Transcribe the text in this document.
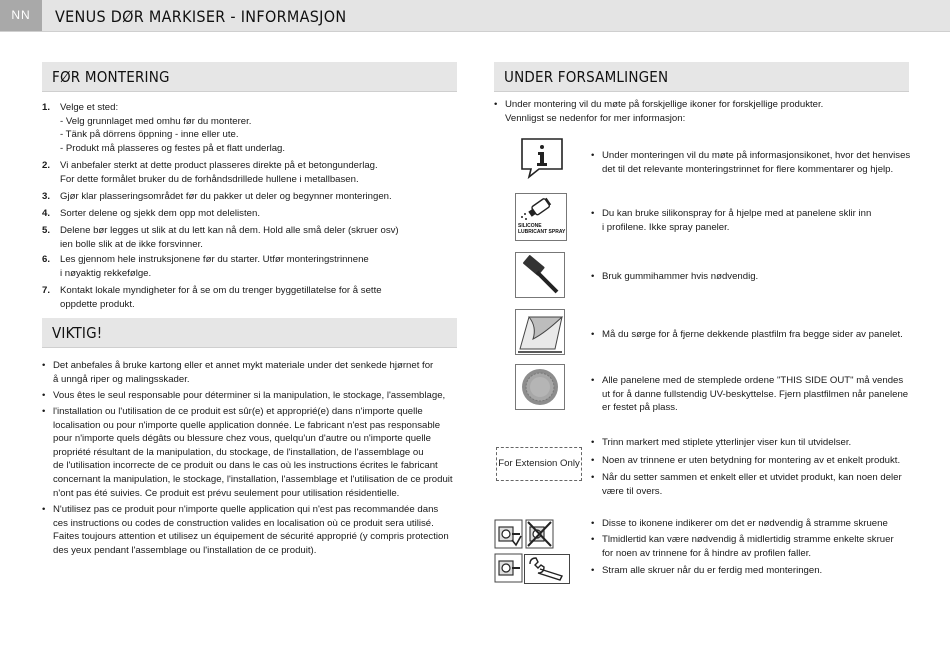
NN	VENUS DØR MARKISER - INFORMASJON
FØR MONTERING
1. Velge et sted:
- Velg grunnlaget med omhu før du monterer.
- Tänk på dörrens öppning - inne eller ute.
- Produkt må plasseres og festes på et flatt underlag.
2. Vi anbefaler sterkt at dette product plasseres direkte på et betongunderlag.
For dette formålet bruker du de forhåndsdrillede hullene i metallbasen.
3. Gjør klar plasseringsområdet før du pakker ut deler og begynner monteringen.
4. Sorter delene og sjekk dem opp mot delelisten.
5. Delene bør legges ut slik at du lett kan nå dem. Hold alle små deler (skruer osv)
ien bolle slik at de ikke forsvinner.
6. Les gjennom hele instruksjonene før du starter. Utfør monteringstrinnene
i nøyaktig rekkefølge.
7. Kontakt lokale myndigheter for å se om du trenger byggetillatelse for å sette
oppdette produkt.
VIKTIG!
• Det anbefales å bruke kartong eller et annet mykt materiale under det senkede hjørnet for
å unngå riper og malingsskader.
• Vous êtes le seul responsable pour déterminer si la manipulation, le stockage, l'assemblage,
• l'installation ou l'utilisation de ce produit est sûr(e) et approprié(e) dans n'importe quelle
localisation ou pour n'importe quelle application donnée. Le fabricant n'est pas responsable
pour n'importe quels dégâts ou blessure chez vous, quelqu'un d'autre ou n'importe quelle
propriété résultant de la manipulation, du stockage, de l'installation, de l'assemblage ou
de l'utilisation incorrecte de ce produit ou dans le cas où les instructions écrites le fabricant
concernant la manipulation, le stockage, l'installation, l'assemblage et l'utilisation de ce produit
n'ont pas été suivies. Ce produit est prévu seulement pour utilisation résidentielle.
• N'utilisez pas ce produit pour n'importe quelle application qui n'est pas recommandée dans
ces instructions ou codes de construction valides en localisation où ce produit sera utilisé.
Faites toujours attention et utilisez un équipement de sécurité approprié (y compris protection
des yeux pendant l'assemblage ou l'installation de ce produit).
UNDER FORSAMLINGEN
• Under montering vil du møte på forskjellige ikoner for forskjellige produkter.
Vennligst se nedenfor for mer informasjon:
• Under monteringen vil du møte på informasjonsikonet, hvor det henvises
det til det relevante monteringstrinnet for flere kommentarer og hjelp.
SILICONE
LUBRICANT SPRAY
• Du kan bruke silikonspray for å hjelpe med at panelene sklir inn
i profilene. Ikke spray paneler.
• Bruk gummihammer hvis nødvendig.
• Må du sørge for å fjerne dekkende plastfilm fra begge sider av panelet.
• Alle panelene med de stemplede ordene "THIS SIDE OUT" må vendes
ut for å danne fullstendig UV-beskyttelse. Fjern plastfilmen når panelene
er festet på plass.
For Extension Only
• Trinn markert med stiplete ytterlinjer viser kun til utvidelser.
• Noen av trinnene er uten betydning for montering av et enkelt produkt.
• Når du setter sammen et enkelt eller et utvidet produkt, kan noen deler
være til overs.
• Disse to ikonene indikerer om det er nødvendig å stramme skruene
• Tlmidlertid kan være nødvendig å midlertidig stramme enkelte skruer
for noen av trinnene for å hindre av profilen faller.
• Stram alle skruer når du er ferdig med monteringen.
